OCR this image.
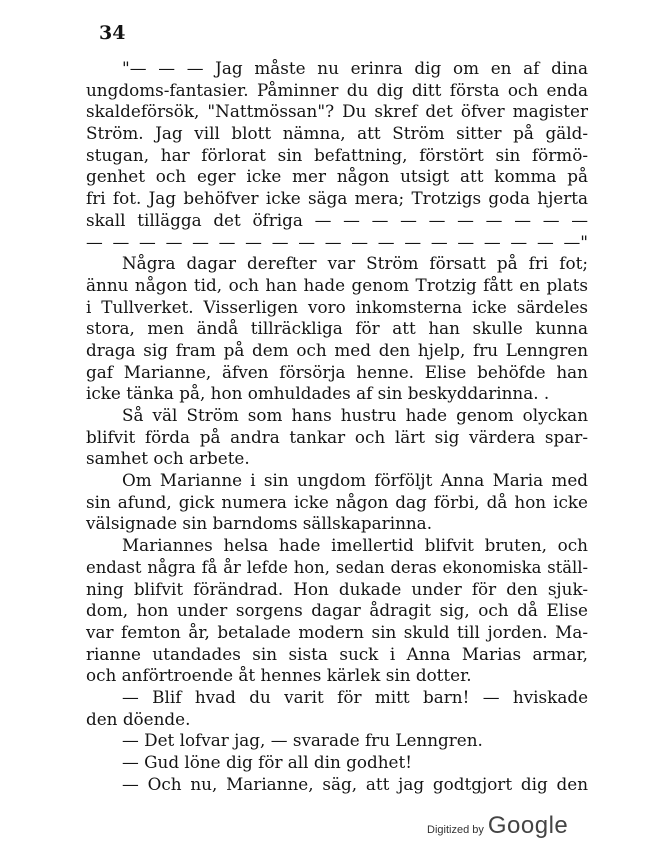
34
"— — — Jag måste nu erinra dig om en af dina
ungdoms-fantasier. Påminner du dig ditt första och enda
skaldeförsök, "Nattmössan"? Du skref det öfver magister
Ström. Jag vill blott nämna, att Ström sitter på gäld-
stugan, har förlorat sin befattning, förstört sin förmö-
genhet och eger icke mer någon utsigt att komma på
fri fot. Jag behöfver icke säga mera; Trotzigs goda hjerta
skall tillägga det öfriga — — — — — — — — — —
— — — — — — — — — — — — — — — — — — —"
Några dagar derefter var Ström försatt på fri fot;
ännu någon tid, och han hade genom Trotzig fått en plats
i Tullverket. Visserligen voro inkomsterna icke särdeles
stora, men ändå tillräckliga för att han skulle kunna
draga sig fram på dem och med den hjelp, fru Lenngren
gaf Marianne, äfven försörja henne. Elise behöfde han
icke tänka på, hon omhuldades af sin beskyddarinna. .
Så väl Ström som hans hustru hade genom olyckan
blifvit förda på andra tankar och lärt sig värdera spar-
samhet och arbete.
Om Marianne i sin ungdom förföljt Anna Maria med
sin afund, gick numera icke någon dag förbi, då hon icke
välsignade sin barndoms sällskaparinna.
Mariannes helsa hade imellertid blifvit bruten, och
endast några få år lefde hon, sedan deras ekonomiska ställ-
ning blifvit förändrad. Hon dukade under för den sjuk-
dom, hon under sorgens dagar ådragit sig, och då Elise
var femton år, betalade modern sin skuld till jorden. Ma-
rianne utandades sin sista suck i Anna Marias armar,
och anförtroende åt hennes kärlek sin dotter.
— Blif hvad du varit för mitt barn! — hviskade
den döende.
— Det lofvar jag, — svarade fru Lenngren.
— Gud löne dig för all din godhet!
— Och nu, Marianne, säg, att jag godtgjort dig den
Digitized by Google
